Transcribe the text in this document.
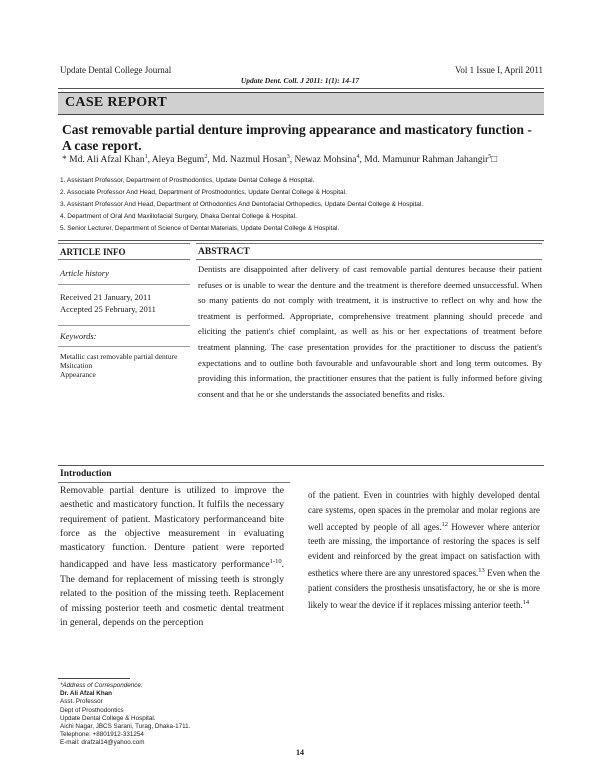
Update Dental College Journal	Vol 1 Issue I, April 2011
Update Dent. Coll. J 2011: 1(1): 14-17
CASE REPORT
Cast removable partial denture improving appearance and masticatory function - A case report.
* Md. Ali Afzal Khan$^1$, Aleya Begum$^2$, Md. Nazmul Hosan$^3$, Newaz Mohsina$^4$, Md. Mamunur Rahman Jahangir$^5$□
1. Assistant Professor, Department of Prosthodontics, Update Dental College & Hospital.
2. Associate Professor And Head, Department of Prosthodontics, Update Dental College & Hospital.
3. Assistant Professor And Head, Department of Orthodontics And Dentofacial Orthopedics, Update Dental College & Hospital.
4. Department of Oral And Maxillofacial Surgery, Dhaka Dental College & Hospital.
5. Senior Lecturer, Department of Science of Dental Materials, Update Dental College & Hospital.
ARTICLE INFO
Article history
Received 21 January, 2011
Accepted 25 February, 2011
Keywords:
Metallic cast removable partial denture
Msitcation
Appearance
ABSTRACT
Dentists are disappointed after delivery of cast removable partial dentures because their patient refuses or is unable to wear the denture and the treatment is therefore deemed unsuccessful. When so many patients do not comply with treatment, it is instructive to reflect on why and how the treatment is performed. Appropriate, comprehensive treatment planning should precede and eliciting the patient's chief complaint, as well as his or her expectations of treatment before treatment planning. The case presentation provides for the practitioner to discuss the patient's expectations and to outline both favourable and unfavourable short and long term outcomes. By providing this information, the practitioner ensures that the patient is fully informed before giving consent and that he or she understands the associated benefits and risks.
Introduction
Removable partial denture is utilized to improve the aesthetic and masticatory function. It fulfils the necessary requirement of patient. Masticatory performanceand bite force as the objective measurement in evaluating masticatory function. Denture patient were reported handicapped and have less masticatory performance$^{1-10}$. The demand for replacement of missing teeth is strongly related to the position of the missing teeth. Replacement of missing posterior teeth and cosmetic dental treatment in general, depends on the perception
of the patient. Even in countries with highly developed dental care systems, open spaces in the premolar and molar regions are well accepted by people of all ages.$^{12}$ However where anterior teeth are missing, the importance of restoring the spaces is self evident and reinforced by the great impact on satisfaction with esthetics where there are any unrestored spaces.$^{13}$ Even when the patient considers the prosthesis unsatisfactory, he or she is more likely to wear the device if it replaces missing anterior teeth.$^{14}$
*Address of Correspondence:
Dr. Ali Afzal Khan
Asst. Professor
Dept of Prosthodontics
Update Dental College & Hospital.
Aichi Nagar, JBCS Sarani, Turag, Dhaka-1711.
Telephone: +8801912-331254
E-mail: drafzal14@yahoo.com
14
